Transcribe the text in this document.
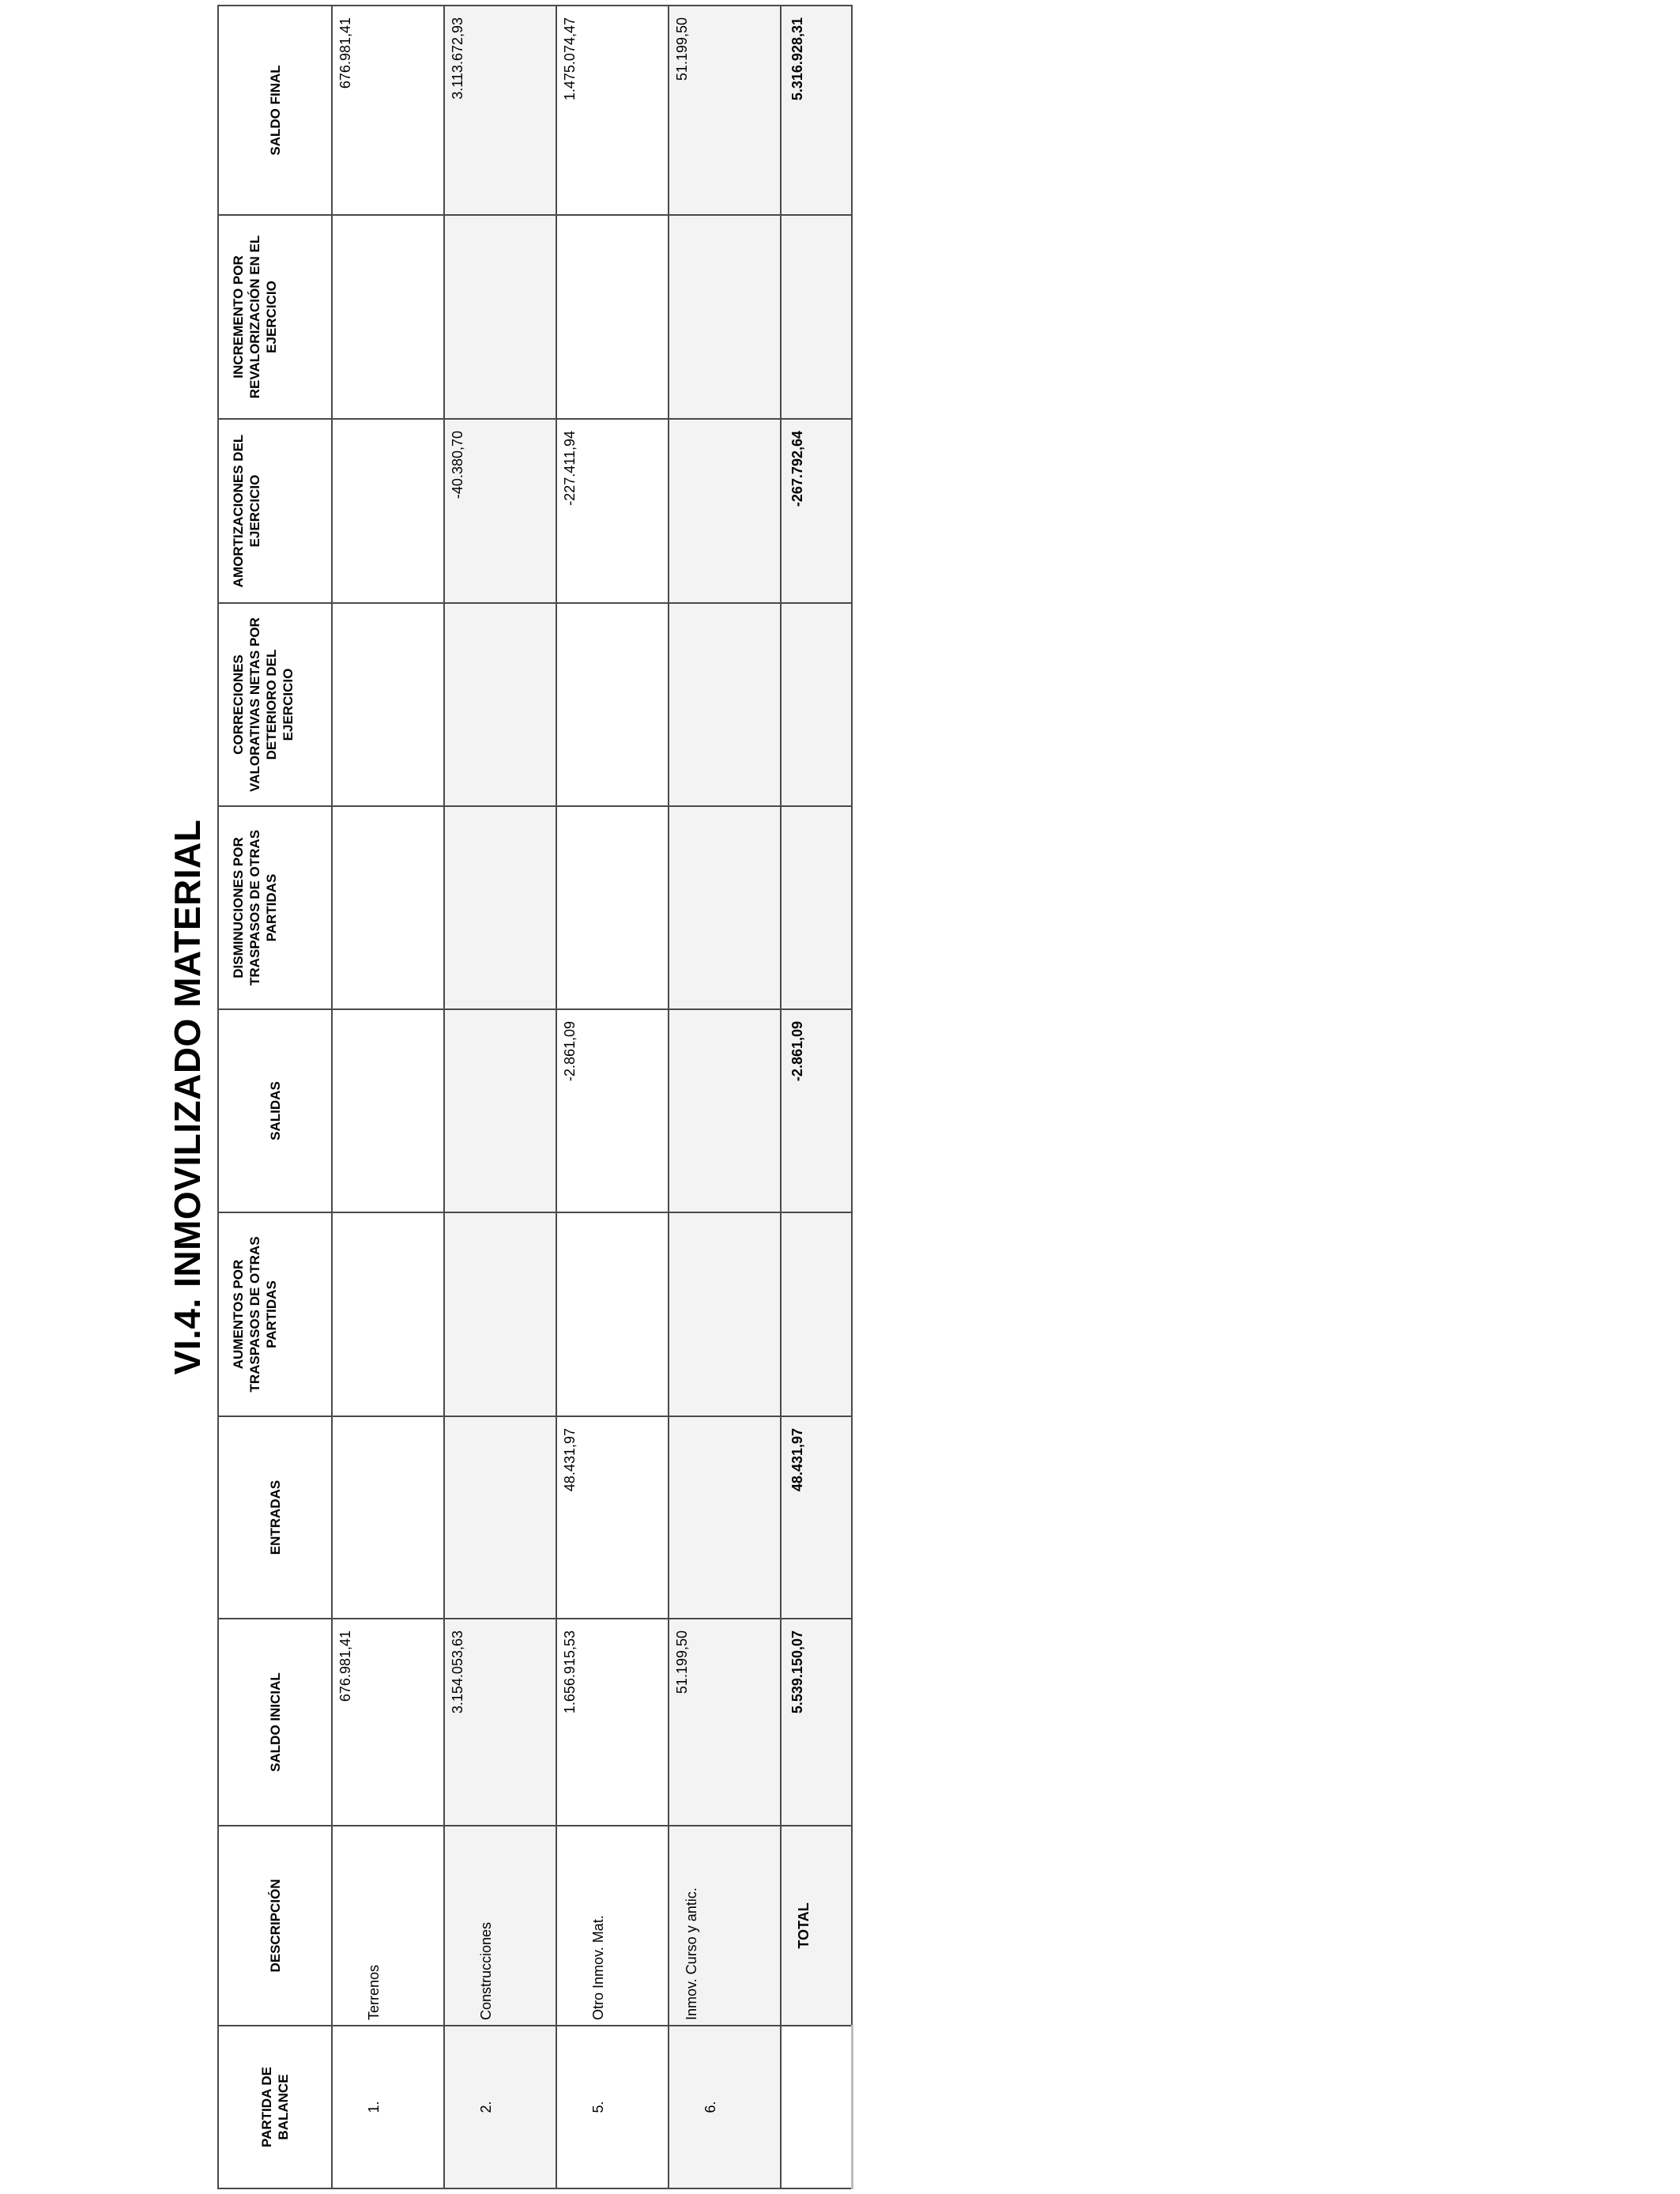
VI.4. INMOVILIZADO MATERIAL
PARTIDA DE BALANCE	DESCRIPCIÓN	SALDO INICIAL	ENTRADAS	AUMENTOS POR TRASPASOS DE OTRAS PARTIDAS	SALIDAS	DISMINUCIONES POR TRASPASOS DE OTRAS PARTIDAS	CORRECIONES VALORATIVAS NETAS POR DETERIORO DEL EJERCICIO	AMORTIZACIONES DEL EJERCICIO	INCREMENTO POR REVALORIZACIÓN EN EL EJERCICIO	SALDO FINAL

1.	Terrenos	676.981,41								676.981,41
2.	Construcciones	3.154.053,63						-40.380,70		3.113.672,93
5.	Otro Inmov. Mat.	1.656.915,53	48.431,97		-2.861,09			-227.411,94		1.475.074,47
6.	Inmov. Curso y antic.	51.199,50								51.199,50
	TOTAL	5.539.150,07	48.431,97		-2.861,09			-267.792,64		5.316.928,31
